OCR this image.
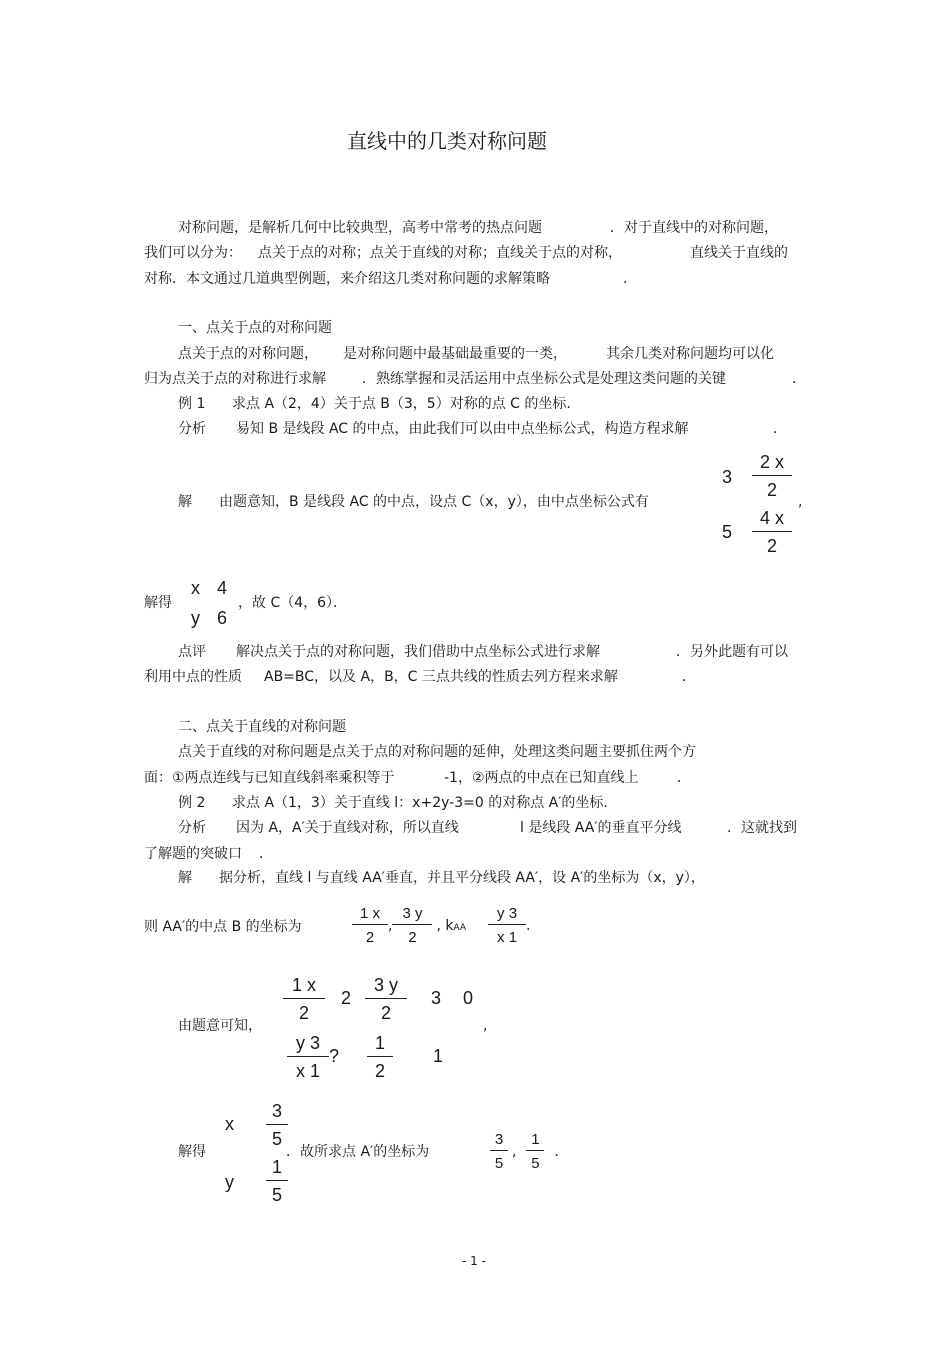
直线中的几类对称问题
对称问题，是解析几何中比较典型，高考中常考的热点问题	．对于直线中的对称问题，
我们可以分为： 点关于点的对称；点关于直线的对称；直线关于点的对称，	直线关于直线的
对称．本文通过几道典型例题，来介绍这几类对称问题的求解策略	．
一、点关于点的对称问题
点关于点的对称问题， 是对称问题中最基础最重要的一类，	其余几类对称问题均可以化
归为点关于点的对称进行求解	．熟练掌握和灵活运用中点坐标公式是处理这类问题的关键	．
例 1 求点 A（2，4）关于点 B（3，5）对称的点 C 的坐标．
分析 易知 B 是线段 AC 的中点，由此我们可以由中点坐标公式，构造方程求解	．
解 由题意知，B 是线段 AC 的中点，设点 C（x，y），由中点坐标公式有
$3 \frac{2 x}{2}$
$5 \frac{4 x}{2}$
,
解得
x 4
y 6
，故 C（4，6）．
点评 解决点关于点的对称问题，我们借助中点坐标公式进行求解	．另外此题有可以
利用中点的性质 AB=BC，以及 A，B，C 三点共线的性质去列方程来求解	．
二、点关于直线的对称问题
点关于直线的对称问题是点关于点的对称问题的延伸，处理这类问题主要抓住两个方
面：①两点连线与已知直线斜率乘积等于	-1，②两点的中点在已知直线上	．
例 2 求点 A（1，3）关于直线 l：x+2y-3=0 的对称点 A′的坐标．
分析 因为 A，A′关于直线对称，所以直线	l 是线段 AA′的垂直平分线	．这就找到
了解题的突破口 ．
解 据分析，直线 l 与直线 AA′垂直，并且平分线段 AA′，设 A′的坐标为（x，y），
则 AA′的中点 B 的坐标为	$\frac{1 x}{2}$ , $\frac{3 y}{2}$ , kAA $\frac{y 3}{x 1}$ .
由题意可知，
$\frac{1 x}{2} 2 \frac{3 y}{2} 3$ 0
,
$\frac{y 3}{x 1}$ ? $\frac{1}{2} 1$
解得
x $\frac{3}{5}$
y $\frac{1}{5}$
．故所求点 A′的坐标为	$\frac{3}{5}$ , $\frac{1}{5}$ ．
- 1 -
